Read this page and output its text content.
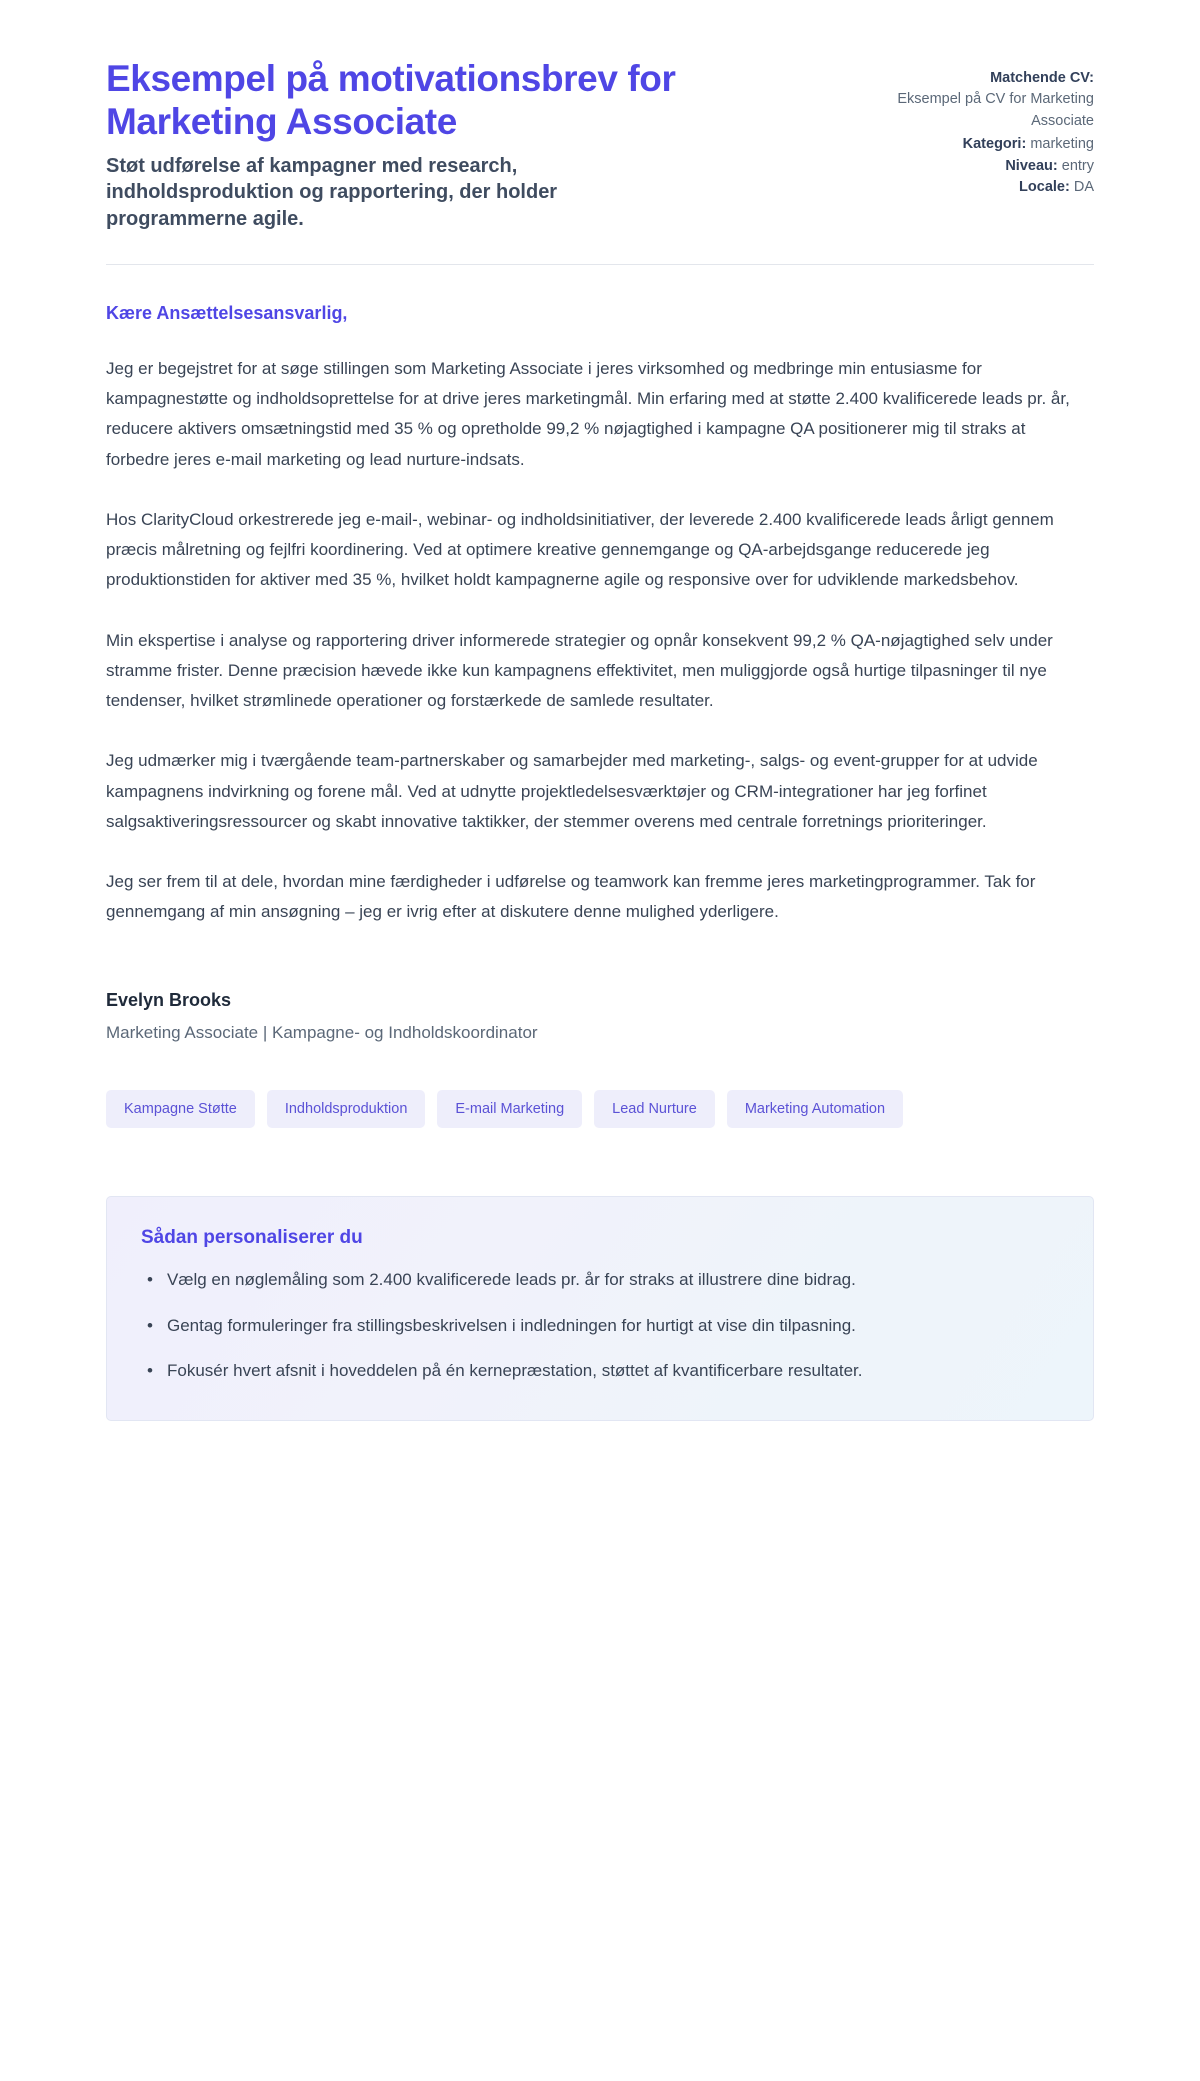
Eksempel på motivationsbrev for Marketing Associate

Støt udførelse af kampagner med research, indholdsproduktion og rapportering, der holder programmerne agile.

Matchende CV:
Eksempel på CV for Marketing Associate
Kategori: marketing
Niveau: entry
Locale: DA

Kære Ansættelsesansvarlig,

Jeg er begejstret for at søge stillingen som Marketing Associate i jeres virksomhed og medbringe min entusiasme for kampagnestøtte og indholdsoprettelse for at drive jeres marketingmål. Min erfaring med at støtte 2.400 kvalificerede leads pr. år, reducere aktivers omsætningstid med 35 % og opretholde 99,2 % nøjagtighed i kampagne QA positionerer mig til straks at forbedre jeres e-mail marketing og lead nurture-indsats.

Hos ClarityCloud orkestrerede jeg e-mail-, webinar- og indholdsinitiativer, der leverede 2.400 kvalificerede leads årligt gennem præcis målretning og fejlfri koordinering. Ved at optimere kreative gennemgange og QA-arbejdsgange reducerede jeg produktionstiden for aktiver med 35 %, hvilket holdt kampagnerne agile og responsive over for udviklende markedsbehov.

Min ekspertise i analyse og rapportering driver informerede strategier og opnår konsekvent 99,2 % QA-nøjagtighed selv under stramme frister. Denne præcision hævede ikke kun kampagnens effektivitet, men muliggjorde også hurtige tilpasninger til nye tendenser, hvilket strømlinede operationer og forstærkede de samlede resultater.

Jeg udmærker mig i tværgående team-partnerskaber og samarbejder med marketing-, salgs- og event-grupper for at udvide kampagnens indvirkning og forene mål. Ved at udnytte projektledelsesværktøjer og CRM-integrationer har jeg forfinet salgsaktiveringsressourcer og skabt innovative taktikker, der stemmer overens med centrale forretnings prioriteringer.

Jeg ser frem til at dele, hvordan mine færdigheder i udførelse og teamwork kan fremme jeres marketingprogrammer. Tak for gennemgang af min ansøgning – jeg er ivrig efter at diskutere denne mulighed yderligere.

Evelyn Brooks

Marketing Associate | Kampagne- og Indholdskoordinator

Kampagne Støtte	Indholdsproduktion	E-mail Marketing	Lead Nurture	Marketing Automation
Sådan personaliserer du
• Vælg en nøglemåling som 2.400 kvalificerede leads pr. år for straks at illustrere dine bidrag.
• Gentag formuleringer fra stillingsbeskrivelsen i indledningen for hurtigt at vise din tilpasning.
• Fokusér hvert afsnit i hoveddelen på én kernepræstation, støttet af kvantificerbare resultater.
